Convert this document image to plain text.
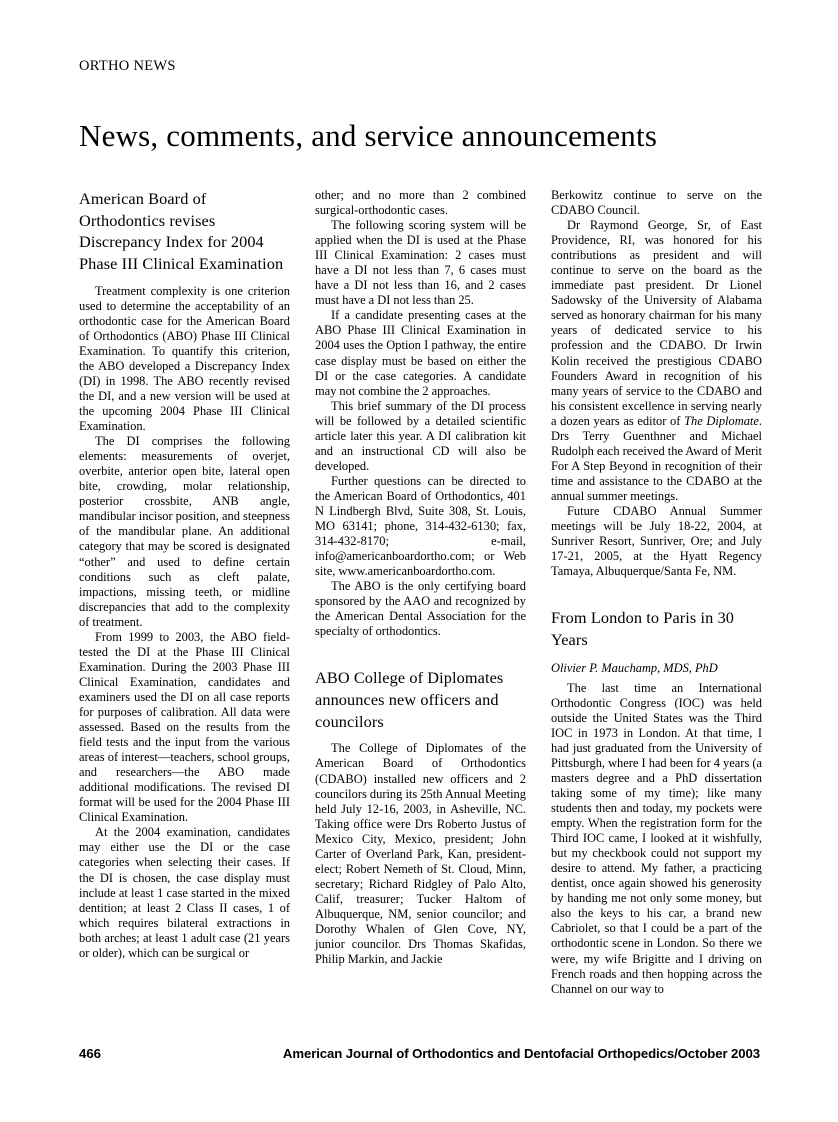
ORTHO NEWS
News, comments, and service announcements
American Board of Orthodontics revises Discrepancy Index for 2004 Phase III Clinical Examination

Treatment complexity is one criterion used to determine the acceptability of an orthodontic case for the American Board of Orthodontics (ABO) Phase III Clinical Examination. To quantify this criterion, the ABO developed a Discrepancy Index (DI) in 1998. The ABO recently revised the DI, and a new version will be used at the upcoming 2004 Phase III Clinical Examination.

The DI comprises the following elements: measurements of overjet, overbite, anterior open bite, lateral open bite, crowding, molar relationship, posterior crossbite, ANB angle, mandibular incisor position, and steepness of the mandibular plane. An additional category that may be scored is designated “other” and used to define certain conditions such as cleft palate, impactions, missing teeth, or midline discrepancies that add to the complexity of treatment.

From 1999 to 2003, the ABO field-tested the DI at the Phase III Clinical Examination. During the 2003 Phase III Clinical Examination, candidates and examiners used the DI on all case reports for purposes of calibration. All data were assessed. Based on the results from the field tests and the input from the various areas of interest—teachers, school groups, and researchers—the ABO made additional modifications. The revised DI format will be used for the 2004 Phase III Clinical Examination.

At the 2004 examination, candidates may either use the DI or the case categories when selecting their cases. If the DI is chosen, the case display must include at least 1 case started in the mixed dentition; at least 2 Class II cases, 1 of which requires bilateral extractions in both arches; at least 1 adult case (21 years or older), which can be surgical or

other; and no more than 2 combined surgical-orthodontic cases.

The following scoring system will be applied when the DI is used at the Phase III Clinical Examination: 2 cases must have a DI not less than 7, 6 cases must have a DI not less than 16, and 2 cases must have a DI not less than 25.

If a candidate presenting cases at the ABO Phase III Clinical Examination in 2004 uses the Option I pathway, the entire case display must be based on either the DI or the case categories. A candidate may not combine the 2 approaches.

This brief summary of the DI process will be followed by a detailed scientific article later this year. A DI calibration kit and an instructional CD will also be developed.

Further questions can be directed to the American Board of Orthodontics, 401 N Lindbergh Blvd, Suite 308, St. Louis, MO 63141; phone, 314-432-6130; fax, 314-432-8170; e-mail, info@americanboardortho.com; or Web site, www.americanboardortho.com.

The ABO is the only certifying board sponsored by the AAO and recognized by the American Dental Association for the specialty of orthodontics.

ABO College of Diplomates announces new officers and councilors

The College of Diplomates of the American Board of Orthodontics (CDABO) installed new officers and 2 councilors during its 25th Annual Meeting held July 12-16, 2003, in Asheville, NC. Taking office were Drs Roberto Justus of Mexico City, Mexico, president; John Carter of Overland Park, Kan, president-elect; Robert Nemeth of St. Cloud, Minn, secretary; Richard Ridgley of Palo Alto, Calif, treasurer; Tucker Haltom of Albuquerque, NM, senior councilor; and Dorothy Whalen of Glen Cove, NY, junior councilor. Drs Thomas Skafidas, Philip Markin, and Jackie

Berkowitz continue to serve on the CDABO Council.

Dr Raymond George, Sr, of East Providence, RI, was honored for his contributions as president and will continue to serve on the board as the immediate past president. Dr Lionel Sadowsky of the University of Alabama served as honorary chairman for his many years of dedicated service to his profession and the CDABO. Dr Irwin Kolin received the prestigious CDABO Founders Award in recognition of his many years of service to the CDABO and his consistent excellence in serving nearly a dozen years as editor of The Diplomate. Drs Terry Guenthner and Michael Rudolph each received the Award of Merit For A Step Beyond in recognition of their time and assistance to the CDABO at the annual summer meetings.

Future CDABO Annual Summer meetings will be July 18-22, 2004, at Sunriver Resort, Sunriver, Ore; and July 17-21, 2005, at the Hyatt Regency Tamaya, Albuquerque/Santa Fe, NM.

From London to Paris in 30 Years

Olivier P. Mauchamp, MDS, PhD

The last time an International Orthodontic Congress (IOC) was held outside the United States was the Third IOC in 1973 in London. At that time, I had just graduated from the University of Pittsburgh, where I had been for 4 years (a masters degree and a PhD dissertation taking some of my time); like many students then and today, my pockets were empty. When the registration form for the Third IOC came, I looked at it wishfully, but my checkbook could not support my desire to attend. My father, a practicing dentist, once again showed his generosity by handing me not only some money, but also the keys to his car, a brand new Cabriolet, so that I could be a part of the orthodontic scene in London. So there we were, my wife Brigitte and I driving on French roads and then hopping across the Channel on our way to

466	American Journal of Orthodontics and Dentofacial Orthopedics/October 2003
